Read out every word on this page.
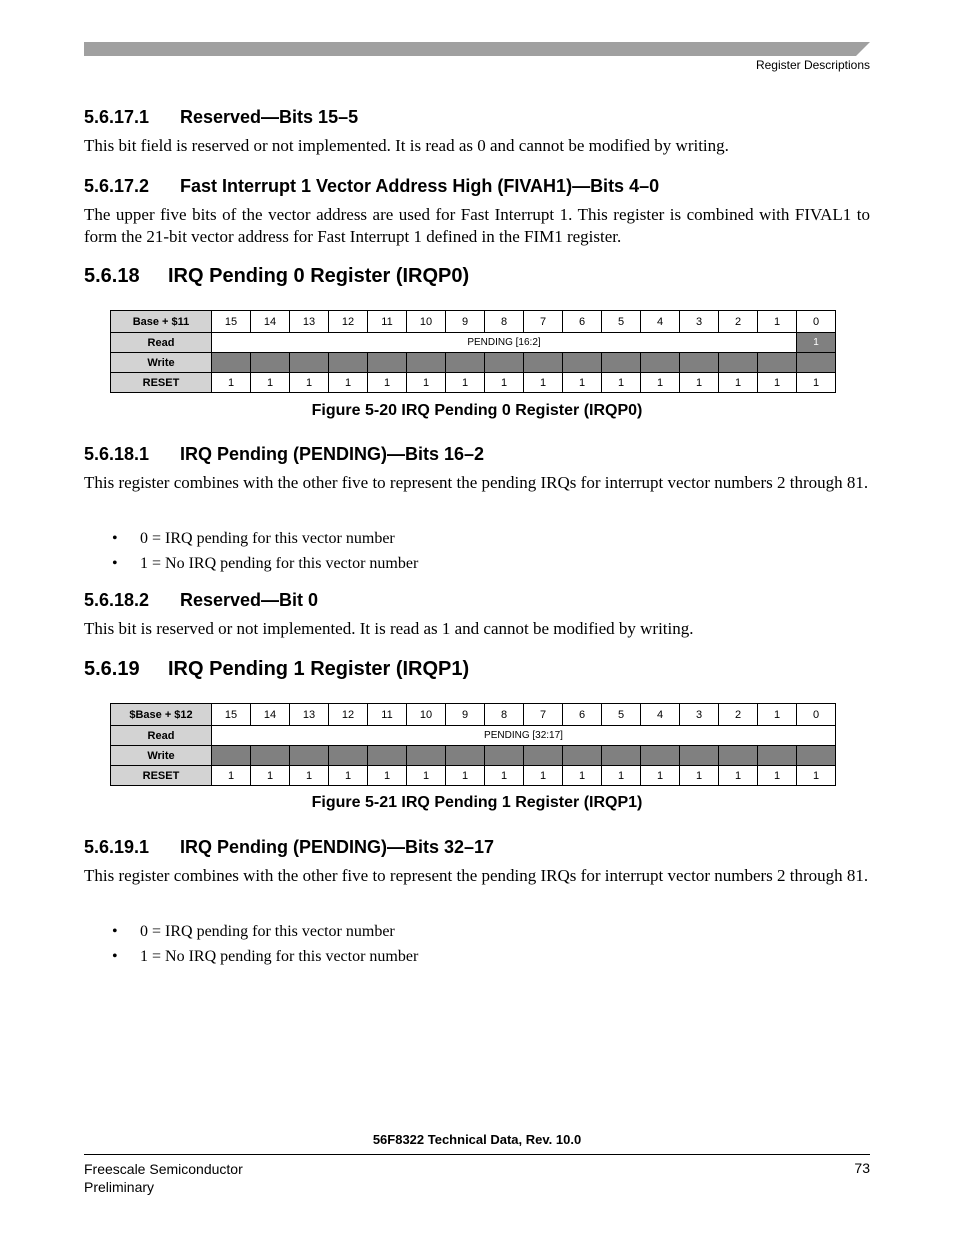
Register Descriptions
5.6.17.1 Reserved—Bits 15–5
This bit field is reserved or not implemented. It is read as 0 and cannot be modified by writing.
5.6.17.2 Fast Interrupt 1 Vector Address High (FIVAH1)—Bits 4–0
The upper five bits of the vector address are used for Fast Interrupt 1. This register is combined with FIVAL1 to form the 21-bit vector address for Fast Interrupt 1 defined in the FIM1 register.
5.6.18 IRQ Pending 0 Register (IRQP0)
Base + $11	15	14	13	12	11	10	9	8	7	6	5	4	3	2	1	0
Read	PENDING [16:2]															1
Write																
RESET	1	1	1	1	1	1	1	1	1	1	1	1	1	1	1	1
Figure 5-20 IRQ Pending 0 Register (IRQP0)
5.6.18.1 IRQ Pending (PENDING)—Bits 16–2
This register combines with the other five to represent the pending IRQs for interrupt vector numbers 2 through 81.
• 0 = IRQ pending for this vector number
• 1 = No IRQ pending for this vector number
5.6.18.2 Reserved—Bit 0
This bit is reserved or not implemented. It is read as 1 and cannot be modified by writing.
5.6.19 IRQ Pending 1 Register (IRQP1)
$Base + $12	15	14	13	12	11	10	9	8	7	6	5	4	3	2	1	0
Read	PENDING [32:17]															
Write																
RESET	1	1	1	1	1	1	1	1	1	1	1	1	1	1	1	1
Figure 5-21 IRQ Pending 1 Register (IRQP1)
5.6.19.1 IRQ Pending (PENDING)—Bits 32–17
This register combines with the other five to represent the pending IRQs for interrupt vector numbers 2 through 81.
• 0 = IRQ pending for this vector number
• 1 = No IRQ pending for this vector number
56F8322 Technical Data, Rev. 10.0
Freescale Semiconductor
Preliminary
73
